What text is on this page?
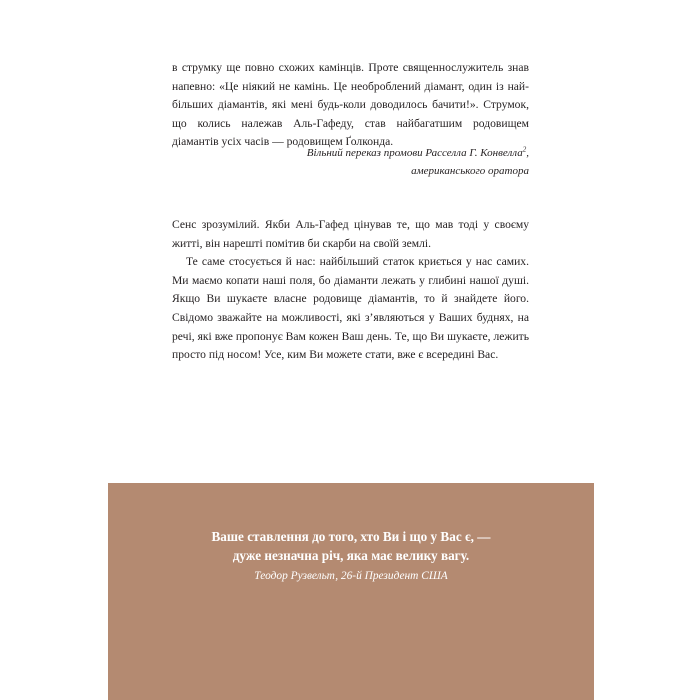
в струмку ще повно схожих камінців. Проте священнослужитель знав напевно: «Це ніякий не камінь. Це необроблений діамант, один із най- більших діамантів, які мені будь-коли доводилось бачити!». Струмок, що колись належав Аль-Гафеду, став найбагатшим родовищем діамантів усіх часів — родовищем Ґолконда.

Вільний переказ промови Расселла Г. Конвелла$^2$,
американського оратора

Сенс зрозумілий. Якби Аль-Гафед цінував те, що мав тоді у своєму житті, він нарешті помітив би скарби на своїй землі.

Те саме стосується й нас: найбільший статок криється у нас самих. Ми маємо копати наші поля, бо діаманти лежать у глибині нашої душі. Якщо Ви шукаєте власне родовище діамантів, то й знайдете його. Свідомо зважайте на можливості, які з’являються у Ваших буднях, на речі, які вже пропонує Вам кожен Ваш день. Те, що Ви шукаєте, лежить просто під носом! Усе, ким Ви можете стати, вже є всередині Вас.

Ваше ставлення до того, хто Ви і що у Вас є, —
дуже незначна річ, яка має велику вагу.
Теодор Рузвельт, 26-й Президент США
